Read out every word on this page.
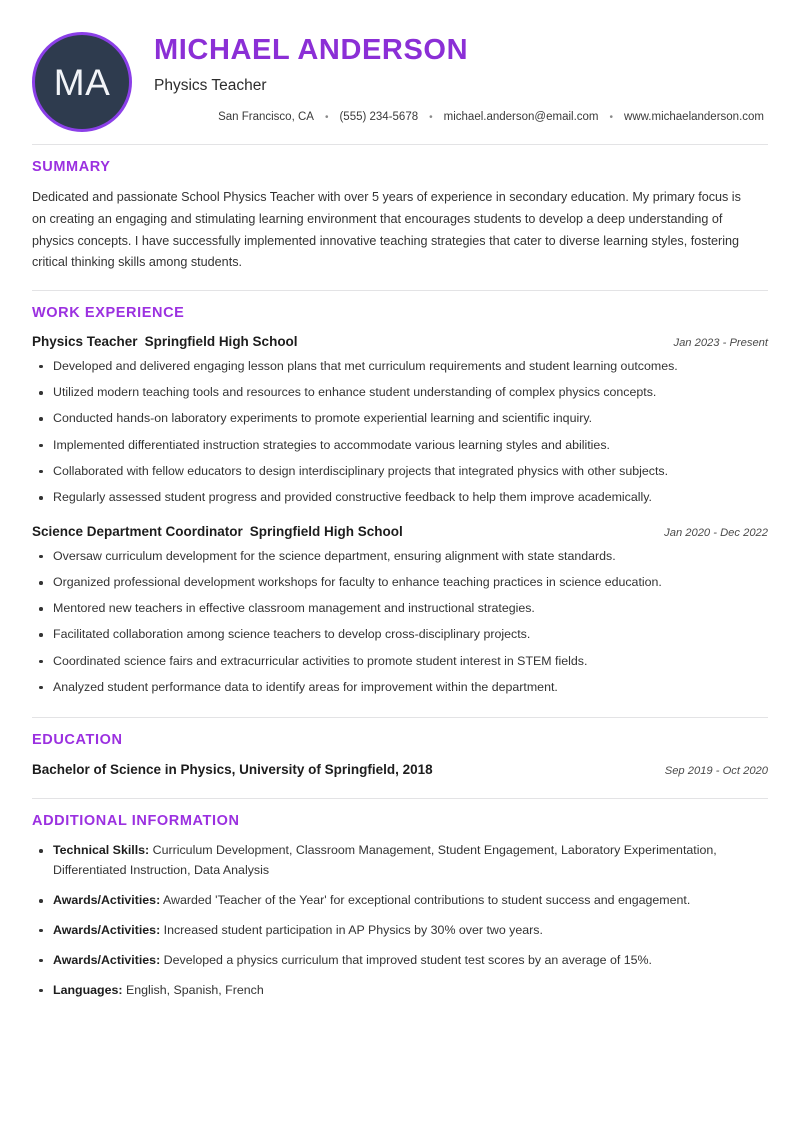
MA
MICHAEL ANDERSON
Physics Teacher
San Francisco, CA	• (555) 234-5678	• michael.anderson@email.com	• www.michaelanderson.com
SUMMARY

Dedicated and passionate School Physics Teacher with over 5 years of experience in secondary education. My primary focus is on creating an engaging and stimulating learning environment that encourages students to develop a deep understanding of physics concepts. I have successfully implemented innovative teaching strategies that cater to diverse learning styles, fostering critical thinking skills among students.

WORK EXPERIENCE
Physics Teacher Springfield High School	Jan 2023 - Present
Developed and delivered engaging lesson plans that met curriculum requirements and student learning outcomes.
Utilized modern teaching tools and resources to enhance student understanding of complex physics concepts.
Conducted hands-on laboratory experiments to promote experiential learning and scientific inquiry.
Implemented differentiated instruction strategies to accommodate various learning styles and abilities.
Collaborated with fellow educators to design interdisciplinary projects that integrated physics with other subjects.
Regularly assessed student progress and provided constructive feedback to help them improve academically.
Science Department Coordinator Springfield High School	Jan 2020 - Dec 2022
Oversaw curriculum development for the science department, ensuring alignment with state standards.
Organized professional development workshops for faculty to enhance teaching practices in science education.
Mentored new teachers in effective classroom management and instructional strategies.
Facilitated collaboration among science teachers to develop cross-disciplinary projects.
Coordinated science fairs and extracurricular activities to promote student interest in STEM fields.
Analyzed student performance data to identify areas for improvement within the department.
EDUCATION
Bachelor of Science in Physics, University of Springfield, 2018	Sep 2019 - Oct 2020
ADDITIONAL INFORMATION
Technical Skills: Curriculum Development, Classroom Management, Student Engagement, Laboratory Experimentation, Differentiated Instruction, Data Analysis
Awards/Activities: Awarded 'Teacher of the Year' for exceptional contributions to student success and engagement.
Awards/Activities: Increased student participation in AP Physics by 30% over two years.
Awards/Activities: Developed a physics curriculum that improved student test scores by an average of 15%.
Languages: English, Spanish, French
